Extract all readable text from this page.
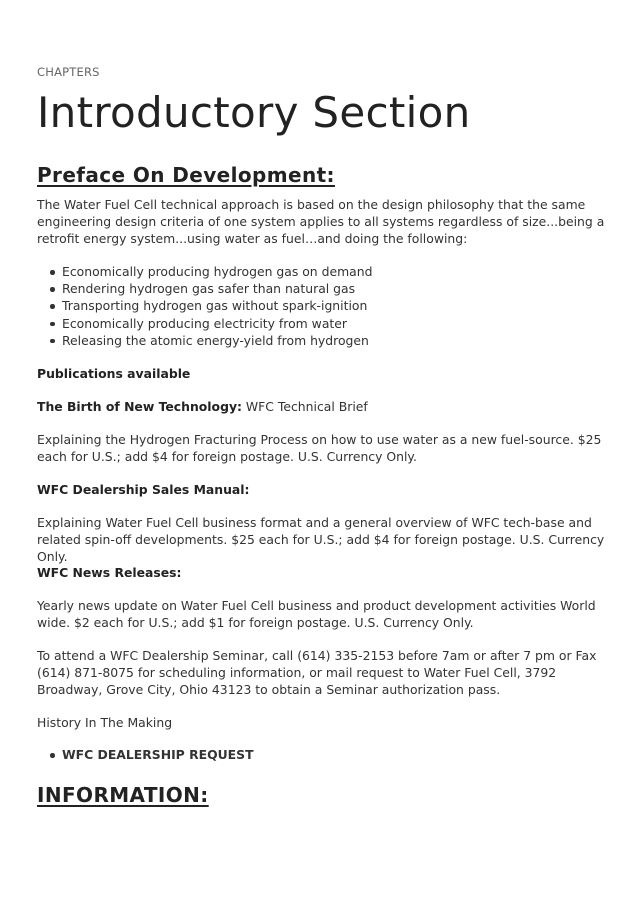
CHAPTERS
Introductory Section
Preface On Development:

The Water Fuel Cell technical approach is based on the design philosophy that the same engineering design criteria of one system applies to all systems regardless of size...being a retrofit energy system...using water as fuel…and doing the following:

Economically producing hydrogen gas on demand
Rendering hydrogen gas safer than natural gas
Transporting hydrogen gas without spark-ignition
Economically producing electricity from water
Releasing the atomic energy-yield from hydrogen

Publications available

The Birth of New Technology: WFC Technical Brief

Explaining the Hydrogen Fracturing Process on how to use water as a new fuel-source. $25 each for U.S.; add $4 for foreign postage. U.S. Currency Only.

WFC Dealership Sales Manual:

Explaining Water Fuel Cell business format and a general overview of WFC tech-base and related spin-off developments. $25 each for U.S.; add $4 for foreign postage. U.S. Currency Only.

WFC News Releases:

Yearly news update on Water Fuel Cell business and product development activities World wide. $2 each for U.S.; add $1 for foreign postage. U.S. Currency Only.

To attend a WFC Dealership Seminar, call (614) 335-2153 before 7am or after 7 pm or Fax (614) 871-8075 for scheduling information, or mail request to Water Fuel Cell, 3792 Broadway, Grove City, Ohio 43123 to obtain a Seminar authorization pass.

History In The Making

WFC DEALERSHIP REQUEST
INFORMATION:
